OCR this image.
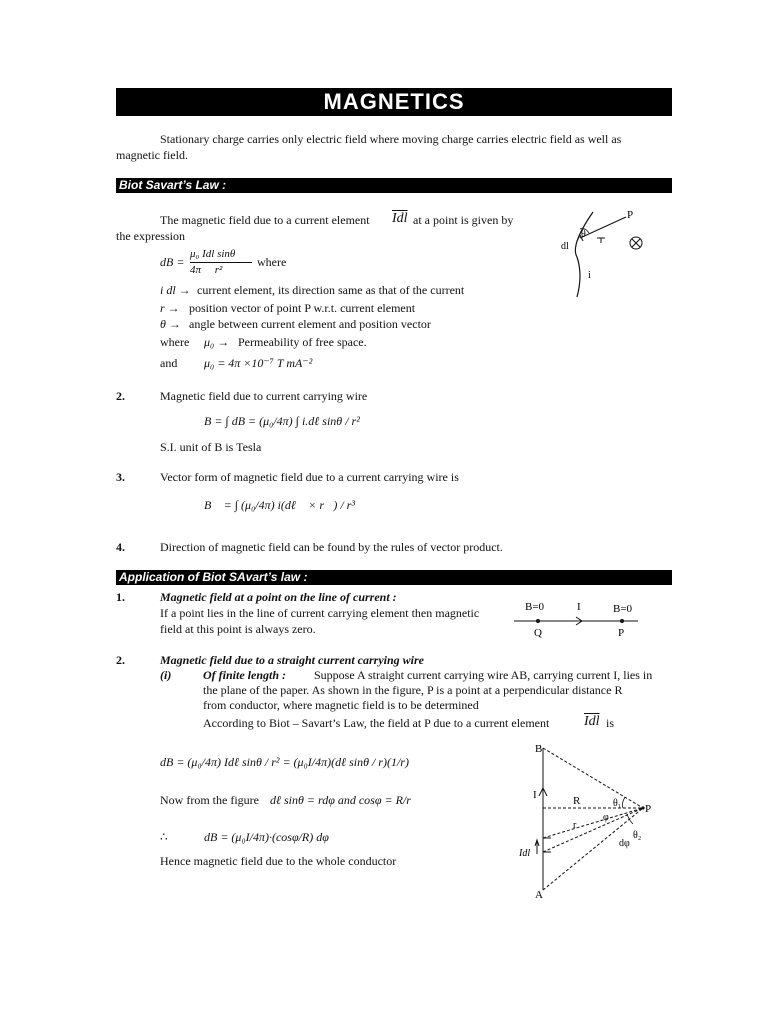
MAGNETICS
Stationary charge carries only electric field where moving charge carries electric field as well as
magnetic field.
Biot Savart’s Law :
The magnetic field due to a current element $\overline{Idl}$ at a point is given by
the expression
dB =
μ₀ Idl sinθ
4π     r²
where
i dl → current element, its direction same as that of the current
r → position vector of point P w.r.t. current element
θ → angle between current element and position vector
where μ₀ → Permeability of free space.
and μ₀ = 4π ×10⁻⁷ T mA⁻²
P
θ
dl
i
2.	Magnetic field due to current carrying wire
B = ∫ dB = (μ₀/4π) ∫ i.dℓ sinθ / r²
S.I. unit of B is Tesla
3.	Vector form of magnetic field due to a current carrying wire is
B⃗ = ∫ (μ₀/4π) i(dℓ⃗ × r⃗) / r³
4.	Direction of magnetic field can be found by the rules of vector product.
Application of Biot SAvart’s law :
1.	Magnetic field at a point on the line of current :
If a point lies in the line of current carrying element then magnetic
field at this point is always zero.
B=0	I	B=0
Q	P
2.	Magnetic field due to a straight current carrying wire
(i)	Of finite length : Suppose A straight current carrying wire AB, carrying current I, lies in
the plane of the paper. As shown in the figure, P is a point at a perpendicular distance R
from conductor, where magnetic field is to be determined
According to Biot – Savart’s Law, the field at P due to a current element $\overline{Idl}$ is
dB = (μ₀/4π) Idℓ sinθ / r² = (μ₀I/4π)(dℓ sinθ / r)(1/r)
Now from the figure dℓ sinθ = rdφ and cosφ = R/r
∴	dB = (μ₀I/4π)·(cosφ/R) dφ
Hence magnetic field due to the whole conductor
B
I	R
P
r
θ₁
θ₂
φ
dφ
Idl
A
